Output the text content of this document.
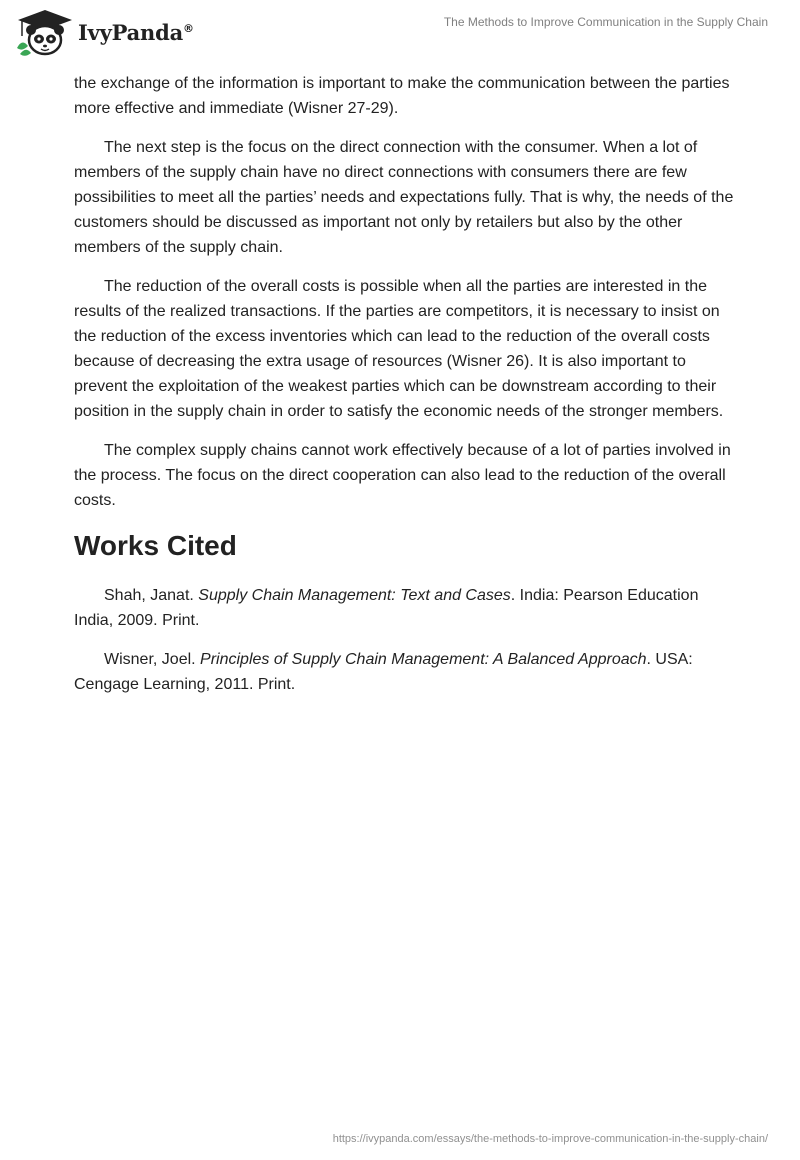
IvyPanda®	The Methods to Improve Communication in the Supply Chain

the exchange of the information is important to make the communication between the parties more effective and immediate (Wisner 27-29).

The next step is the focus on the direct connection with the consumer. When a lot of members of the supply chain have no direct connections with consumers there are few possibilities to meet all the parties’ needs and expectations fully. That is why, the needs of the customers should be discussed as important not only by retailers but also by the other members of the supply chain.

The reduction of the overall costs is possible when all the parties are interested in the results of the realized transactions. If the parties are competitors, it is necessary to insist on the reduction of the excess inventories which can lead to the reduction of the overall costs because of decreasing the extra usage of resources (Wisner 26). It is also important to prevent the exploitation of the weakest parties which can be downstream according to their position in the supply chain in order to satisfy the economic needs of the stronger members.

The complex supply chains cannot work effectively because of a lot of parties involved in the process. The focus on the direct cooperation can also lead to the reduction of the overall costs.

Works Cited

Shah, Janat. Supply Chain Management: Text and Cases. India: Pearson Education India, 2009. Print.

Wisner, Joel. Principles of Supply Chain Management: A Balanced Approach. USA: Cengage Learning, 2011. Print.

https://ivypanda.com/essays/the-methods-to-improve-communication-in-the-supply-chain/
